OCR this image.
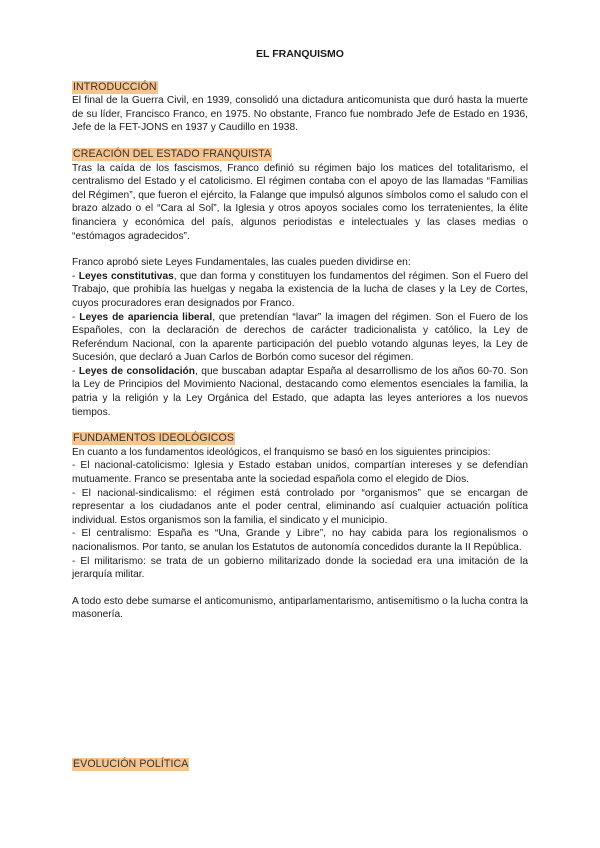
EL FRANQUISMO

INTRODUCCIÓN

El final de la Guerra Civil, en 1939, consolidó una dictadura anticomunista que duró hasta la muerte de su líder, Francisco Franco, en 1975. No obstante, Franco fue nombrado Jefe de Estado en 1936, Jefe de la FET-JONS en 1937 y Caudillo en 1938.

CREACIÓN DEL ESTADO FRANQUISTA

Tras la caída de los fascismos, Franco definió su régimen bajo los matices del totalitarismo, el centralismo del Estado y el catolicismo. El régimen contaba con el apoyo de las llamadas “Familias del Régimen”, que fueron el ejército, la Falange que impulsó algunos símbolos como el saludo con el brazo alzado o el “Cara al Sol”, la Iglesia y otros apoyos sociales como los terratenientes, la élite financiera y económica del país, algunos periodistas e intelectuales y las clases medias o “estómagos agradecidos”.

Franco aprobó siete Leyes Fundamentales, las cuales pueden dividirse en:

- Leyes constitutivas, que dan forma y constituyen los fundamentos del régimen. Son el Fuero del Trabajo, que prohibía las huelgas y negaba la existencia de la lucha de clases y la Ley de Cortes, cuyos procuradores eran designados por Franco.

- Leyes de apariencia liberal, que pretendían “lavar” la imagen del régimen. Son el Fuero de los Españoles, con la declaración de derechos de carácter tradicionalista y católico, la Ley de Referéndum Nacional, con la aparente participación del pueblo votando algunas leyes, la Ley de Sucesión, que declaró a Juan Carlos de Borbón como sucesor del régimen.

- Leyes de consolidación, que buscaban adaptar España al desarrollismo de los años 60-70. Son la Ley de Principios del Movimiento Nacional, destacando como elementos esenciales la familia, la patria y la religión y la Ley Orgánica del Estado, que adapta las leyes anteriores a los nuevos tiempos.

FUNDAMENTOS IDEOLÓGICOS

En cuanto a los fundamentos ideológicos, el franquismo se basó en los siguientes principios:

- El nacional-catolicismo: Iglesia y Estado estaban unidos, compartían intereses y se defendían mutuamente. Franco se presentaba ante la sociedad española como el elegido de Dios.

- El nacional-sindicalismo: el régimen está controlado por “organismos” que se encargan de representar a los ciudadanos ante el poder central, eliminando así cualquier actuación política individual. Estos organismos son la familia, el sindicato y el municipio.

- El centralismo: España es “Una, Grande y Libre”, no hay cabida para los regionalismos o nacionalismos. Por tanto, se anulan los Estatutos de autonomía concedidos durante la II República.

- El militarismo: se trata de un gobierno militarizado donde la sociedad era una imitación de la jerarquía militar.

A todo esto debe sumarse el anticomunismo, antiparlamentarismo, antisemitismo o la lucha contra la masonería.

EVOLUCIÓN POLÍTICA
